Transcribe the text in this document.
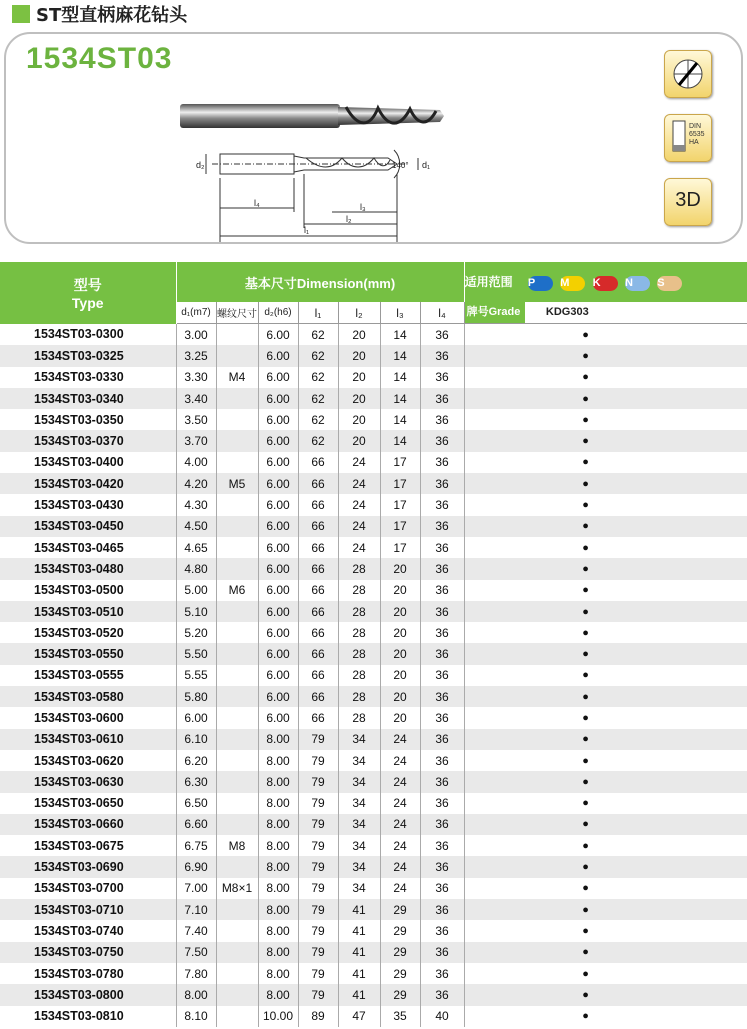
ST型直柄麻花钻头
1534ST03
d₂	d₁
140°
l₄
l₁
l₂
l₃
DIN
6535
HA
3D
型号
Type	基本尺寸Dimension(mm)							适用范围 P M K N S
	d₁(m7)	螺纹尺寸	d₂(h6)	l₁	l₂	l₃	l₄	牌号Grade KDG303
1534ST03-0300	3.00		6.00	62	20	14	36	●
1534ST03-0325	3.25		6.00	62	20	14	36	●
1534ST03-0330	3.30	M4	6.00	62	20	14	36	●
1534ST03-0340	3.40		6.00	62	20	14	36	●
1534ST03-0350	3.50		6.00	62	20	14	36	●
1534ST03-0370	3.70		6.00	62	20	14	36	●
1534ST03-0400	4.00		6.00	66	24	17	36	●
1534ST03-0420	4.20	M5	6.00	66	24	17	36	●
1534ST03-0430	4.30		6.00	66	24	17	36	●
1534ST03-0450	4.50		6.00	66	24	17	36	●
1534ST03-0465	4.65		6.00	66	24	17	36	●
1534ST03-0480	4.80		6.00	66	28	20	36	●
1534ST03-0500	5.00	M6	6.00	66	28	20	36	●
1534ST03-0510	5.10		6.00	66	28	20	36	●
1534ST03-0520	5.20		6.00	66	28	20	36	●
1534ST03-0550	5.50		6.00	66	28	20	36	●
1534ST03-0555	5.55		6.00	66	28	20	36	●
1534ST03-0580	5.80		6.00	66	28	20	36	●
1534ST03-0600	6.00		6.00	66	28	20	36	●
1534ST03-0610	6.10		8.00	79	34	24	36	●
1534ST03-0620	6.20		8.00	79	34	24	36	●
1534ST03-0630	6.30		8.00	79	34	24	36	●
1534ST03-0650	6.50		8.00	79	34	24	36	●
1534ST03-0660	6.60		8.00	79	34	24	36	●
1534ST03-0675	6.75	M8	8.00	79	34	24	36	●
1534ST03-0690	6.90		8.00	79	34	24	36	●
1534ST03-0700	7.00	M8×1	8.00	79	34	24	36	●
1534ST03-0710	7.10		8.00	79	41	29	36	●
1534ST03-0740	7.40		8.00	79	41	29	36	●
1534ST03-0750	7.50		8.00	79	41	29	36	●
1534ST03-0780	7.80		8.00	79	41	29	36	●
1534ST03-0800	8.00		8.00	79	41	29	36	●
1534ST03-0810	8.10		10.00	89	47	35	40	●
